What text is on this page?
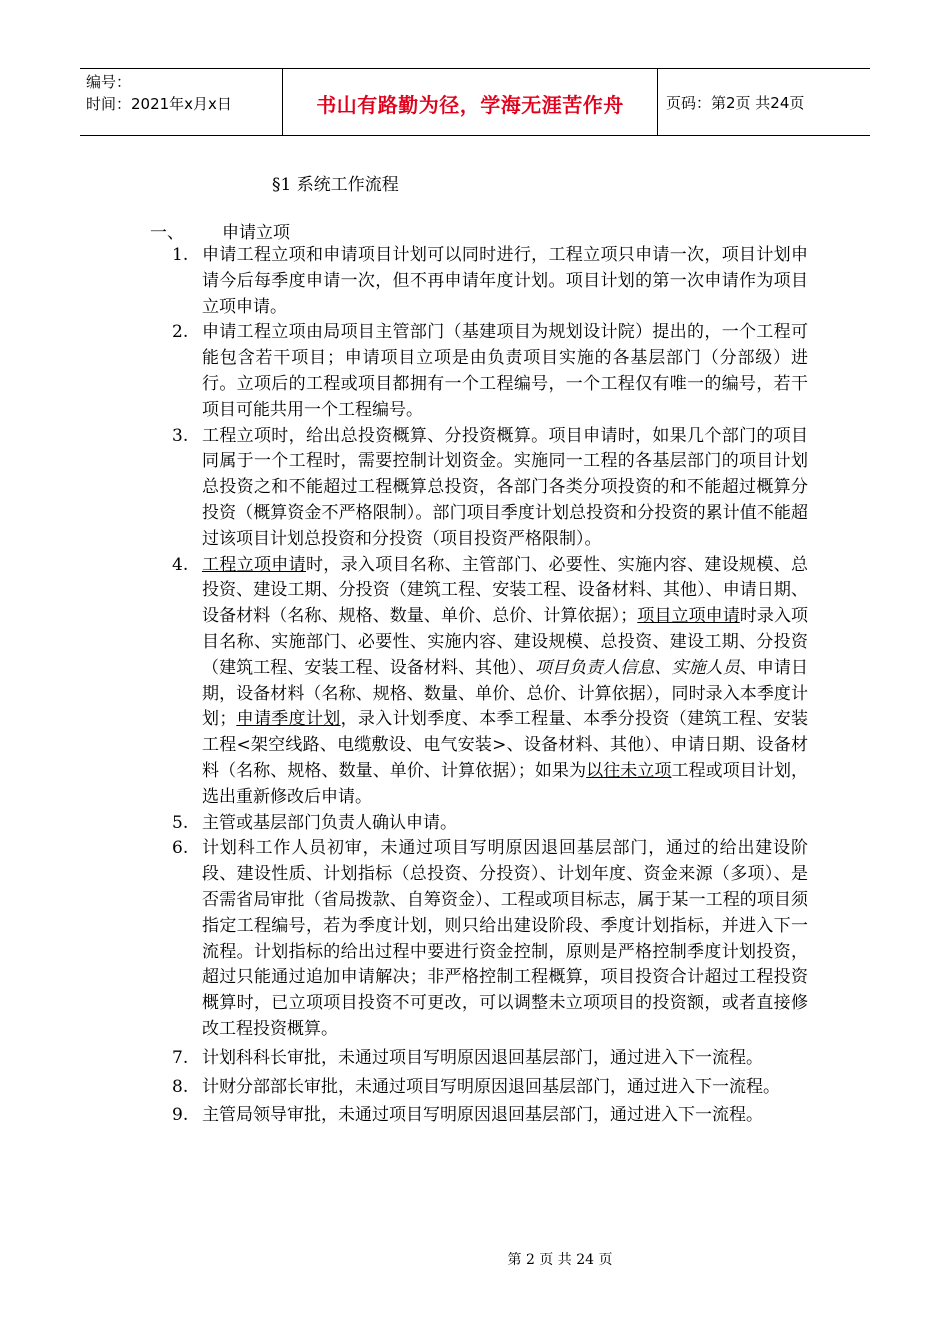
编号：
时间：2021年x月x日	书山有路勤为径，学海无涯苦作舟	页码：第2页 共24页
§1 系统工作流程
一、 申请立项
1. 申请工程立项和申请项目计划可以同时进行，工程立项只申请一次，项目计划申请今后每季度申请一次，但不再申请年度计划。项目计划的第一次申请作为项目立项申请。
2. 申请工程立项由局项目主管部门（基建项目为规划设计院）提出的，一个工程可能包含若干项目；申请项目立项是由负责项目实施的各基层部门（分部级）进行。立项后的工程或项目都拥有一个工程编号，一个工程仅有唯一的编号，若干项目可能共用一个工程编号。
3. 工程立项时，给出总投资概算、分投资概算。项目申请时，如果几个部门的项目同属于一个工程时，需要控制计划资金。实施同一工程的各基层部门的项目计划总投资之和不能超过工程概算总投资，各部门各类分项投资的和不能超过概算分投资（概算资金不严格限制）。部门项目季度计划总投资和分投资的累计值不能超过该项目计划总投资和分投资（项目投资严格限制）。
4. 工程立项申请时，录入项目名称、主管部门、必要性、实施内容、建设规模、总投资、建设工期、分投资（建筑工程、安装工程、设备材料、其他）、申请日期、设备材料（名称、规格、数量、单价、总价、计算依据）；项目立项申请时录入项目名称、实施部门、必要性、实施内容、建设规模、总投资、建设工期、分投资（建筑工程、安装工程、设备材料、其他）、项目负责人信息、实施人员、申请日期，设备材料（名称、规格、数量、单价、总价、计算依据），同时录入本季度计划；申请季度计划，录入计划季度、本季工程量、本季分投资（建筑工程、安装工程<架空线路、电缆敷设、电气安装>、设备材料、其他）、申请日期、设备材料（名称、规格、数量、单价、计算依据）；如果为以往未立项工程或项目计划，选出重新修改后申请。
5. 主管或基层部门负责人确认申请。
6. 计划科工作人员初审，未通过项目写明原因退回基层部门，通过的给出建设阶段、建设性质、计划指标（总投资、分投资）、计划年度、资金来源（多项）、是否需省局审批（省局拨款、自筹资金）、工程或项目标志，属于某一工程的项目须指定工程编号，若为季度计划，则只给出建设阶段、季度计划指标，并进入下一流程。计划指标的给出过程中要进行资金控制，原则是严格控制季度计划投资，超过只能通过追加申请解决；非严格控制工程概算，项目投资合计超过工程投资概算时，已立项项目投资不可更改，可以调整未立项项目的投资额，或者直接修改工程投资概算。
7. 计划科科长审批，未通过项目写明原因退回基层部门，通过进入下一流程。
8. 计财分部部长审批，未通过项目写明原因退回基层部门，通过进入下一流程。
9. 主管局领导审批，未通过项目写明原因退回基层部门，通过进入下一流程。
第 2 页 共 24 页
